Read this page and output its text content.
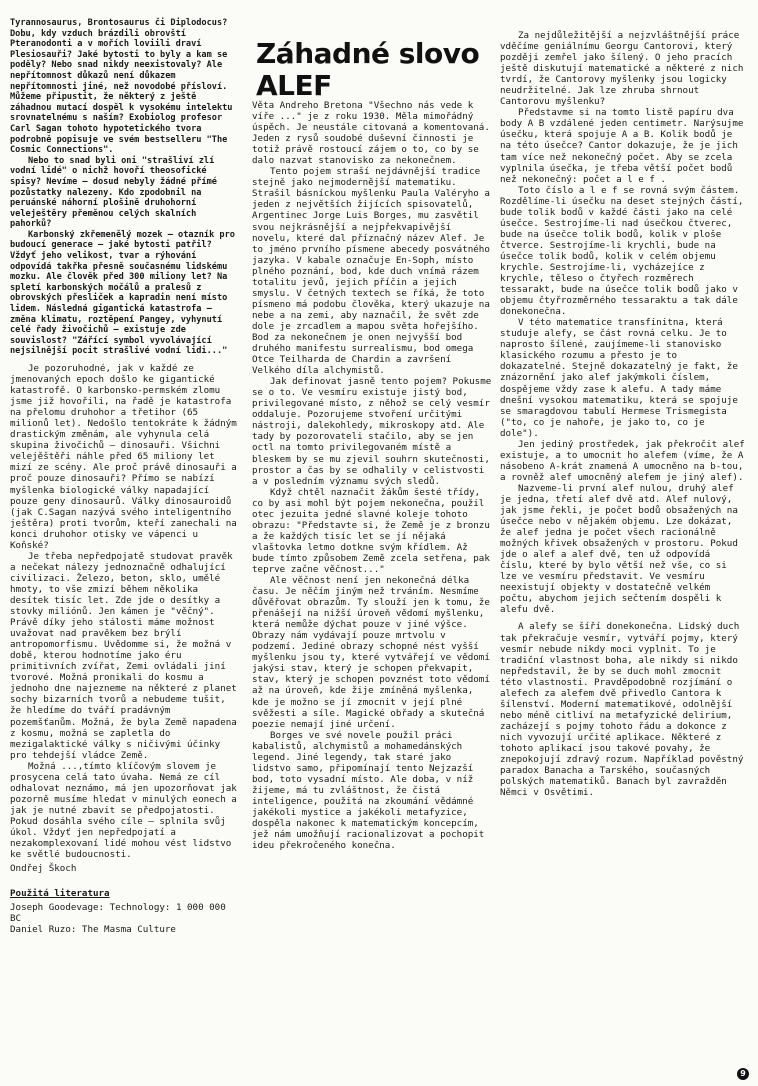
Záhadné slovo ALEF

Tyrannosaurus, Brontosaurus či Diplodocus? Dobu, kdy vzduch brázdili obrovští Pteranodonti a v mořích loviili draví Plesiosauři? Jaké bytosti to byly a kam se poděly? Nebo snad nikdy neexistovaly? Ale nepřítomnost důkazů není důkazem nepřítomnosti jiné, než novodobé přísloví. Můžeme připustit, že některý z ještě záhadnou mutací dospěl k vysokému intelektu srovnatelnému s naším? Exobiolog profesor Carl Sagan tohoto hypotetického tvora podrobně popisuje ve svém bestselleru "The Cosmic Connections".

Nebo to snad byli oni "strašliví zlí vodní lidé" o nichž hovoří theosofické spisy? Nevíme – dosud nebyly žádné přímé pozůstatky nalezeny. Kdo zpodobnil na peruánské náhorní plošině druhohorní veleještěry přeměnou celých skalních pahorků?

Karbonský zkřemenělý mozek – otazník pro budoucí generace – jaké bytosti patřil? Vždyť jeho velikost, tvar a rýhování odpovídá takřka přesně současnému lidskému mozku. Ale člověk před 300 miliony let? Na spletí karbonských močálů a pralesů z obrovských přesliček a kapradin není místo lidem. Následná gigantická katastrofa – změna klimatu, roztěpení Pangey, vyhynutí celé řady živočichů – existuje zde souvislost? "Zářící symbol vyvolávající nejsilnější pocit strašlivé vodní lidi..."

Je pozoruhodné, jak v každé ze jmenovaných epoch došlo ke gigantické katastrofě. O karbonsko-permském zlomu jsme již hovořili, na řadě je katastrofa na přelomu druhohor a třetihor (65 milionů let). Nedošlo tentokráte k žádným drastickým změnám, ale vyhynula celá skupina živočichů – dinosauři. Všichni velejěštěři náhle před 65 miliony let mizí ze scény. Ale proč právě dinosauři a proč pouze dinosauři? Přímo se nabízí myšlenka biologické války napadající pouze geny dinosaurů. Války dinosauroidů (jak C.Sagan nazývá svého inteligentního ještěra) proti tvorům, kteří zanechali na konci druhohor otisky ve vápenci u Koňské?

Je třeba nepředpojatě studovat pravěk a nečekat nálezy jednoznačně odhalující civilizaci. Železo, beton, sklo, umělé hmoty, to vše zmizí během několika desítek tisíc let. Zde jde o desítky a stovky miliónů. Jen kámen je "věčný". Právě díky jeho stálosti máme možnost uvažovat nad pravěkem bez brýlí antropomorfismu. Uvědomme si, že možná v době, kterou hodnotíme jako éru primitivních zvířat, Zemi ovládali jiní tvorové. Možná pronikali do kosmu a jednoho dne najezneme na některé z planet sochy bizarních tvorů a nebudeme tušit, že hledíme do tváří pradávným pozemšťanům. Možná, že byla Země napadena z kosmu, možná se zapletla do mezigalaktické války s ničivými účinky pro tehdejší vládce Země.

Možná ...,tímto klíčovým slovem je prosycena celá tato úvaha. Nemá ze cíl odhalovat neznámo, má jen upozorňovat jak pozorně musíme hledat v minulých eonech a jak je nutné zbavit se předpojatosti. Pokud dosáhla svého cíle – splnila svůj úkol. Vždyť jen nepředpojatí a nezakomplexovaní lidé mohou vést lidstvo ke světlé budoucnosti.

Ondřej Škoch

Použitá literatura

Joseph Goodevage: Technology: 1 000 000 BC

Daniel Ruzo: The Masma Culture

Věta Andreho Bretona "Všechno nás vede k víře ..." je z roku 1930. Měla mimořádný úspěch. Je neustále citovaná a komentovaná. Jeden z rysů soudobé duševní činnosti je totiž právě rostoucí zájem o to, co by se dalo nazvat stanovisko za nekonečnem.

Tento pojem straší nejdávnější tradice stejně jako nejmodernější matematiku. Strašil básníckou myšlenku Paula Valéryho a jeden z největších žijících spisovatelů, Argentinec Jorge Luis Borges, mu zasvětil svou nejkrásnější a nejpřekvapivější novelu, které dal příznačný název Alef. Je to jméno prvního písmene abecedy posvátného jazyka. V kabale označuje En-Soph, místo plného poznání, bod, kde duch vnímá rázem totalitu jevů, jejich příčin a jejich smyslu. V četných textech se říká, že toto písmeno má podobu člověka, který ukazuje na nebe a na zemi, aby naznačil, že svět zde dole je zrcadlem a mapou světa hořejšího. Bod za nekonečnem je onen nejvyšší bod druhého manifestu surrealismu, bod omega Otce Teilharda de Chardin a završení Velkého díla alchymistů.

Jak definovat jasně tento pojem? Pokusme se o to. Ve vesmíru existuje jistý bod, privilegované místo, z něhož se celý vesmír oddaluje. Pozorujeme stvoření určitými nástroji, dalekohledy, mikroskopy atd. Ale tady by pozorovateli stačilo, aby se jen octl na tomto privilegovaném místě a bleskem by se mu zjevil souhrn skutečnosti, prostor a čas by se odhalily v celistvosti a v posledním významu svých sledů.

Když chtěl naznačit žákům šesté třídy, co by asi mohl být pojem nekonečna, použil otec jezuita jedné slavné koleje tohoto obrazu: "Představte si, že Země je z bronzu a že každých tisíc let se jí nějaká vlaštovka letmo dotkne svým křídlem. Až bude tímto způsobem Země zcela setřena, pak teprve začne věčnost..."

Ale věčnost není jen nekonečná délka času. Je něčím jiným než trváním. Nesmíme důvěřovat obrazům. Ty slouží jen k tomu, že přenášejí na nižší úroveň vědomí myšlenku, která nemůže dýchat pouze v jiné výšce. Obrazy nám vydávají pouze mrtvolu v podzemí. Jediné obrazy schopné nést vyšší myšlenku jsou ty, které vytvářejí ve vědomí jakýsi stav, který je schopen překvapit, stav, který je schopen povznést toto vědomí až na úroveň, kde žije zmíněná myšlenka, kde je možno se jí zmocnit v její plné svěžesti a síle. Magické obřady a skutečná poezie nemají jiné určení.

Borges ve své novele použil práci kabalistů, alchymistů a mohamedánských legend. Jiné legendy, tak staré jako lidstvo samo, připomínají tento Nejzazší bod, toto vysadní místo. Ale doba, v níž žijeme, má tu zvláštnost, že čistá inteligence, použitá na zkoumání vědámné jakékoli mystice a jakékoli metafyzice, dospěla nakonec k matematickým koncepcím, jež nám umožňují racionalizovat a pochopit ideu překročeného konečna.

Za nejdůležitější a nejzvláštnější práce vděčíme geniálnímu Georgu Cantorovi, který později zemřel jako šílený. O jeho pracích ještě diskutují matematické a některé z nich tvrdí, že Cantorovy myšlenky jsou logicky neudržitelné. Jak lze zhruba shrnout Cantorovu myšlenku?

Představme si na tomto listě papíru dva body A B vzdálené jeden centimetr. Narýsujme úsečku, která spojuje A a B. Kolik bodů je na této úsečce? Cantor dokazuje, že je jich tam více než nekonečný počet. Aby se zcela vyplnila úsečka, je třeba větší počet bodů než nekonečný: počet a l e f .

Toto číslo a l e f se rovná svým částem. Rozdělíme-li úsečku na deset stejných částí, bude tolik bodů v každé části jako na celé úsečce. Sestrojíme-li nad úsečkou čtverec, bude na úsečce tolik bodů, kolik v ploše čtverce. Sestrojíme-li krychli, bude na úsečce tolik bodů, kolik v celém objemu krychle. Sestrojíme-li, vycházejíce z krychle, těleso o čtyřech rozměrech tessarakt, bude na úsečce tolik bodů jako v objemu čtyřrozměrného tessaraktu a tak dále donekonečna.

V této matematice transfinitna, která studuje alefy, se část rovná celku. Je to naprosto šílené, zaujímeme-li stanovisko klasického rozumu a přesto je to dokazatelné. Stejně dokazatelný je fakt, že znázornění jako alef jakýmkoli číslem, dospějeme vždy zase k alefu. A tady máme dnešní vysokou matematiku, která se spojuje se smaragdovou tabulí Hermese Trismegista ("to, co je nahoře, je jako to, co je dole").

Jen jediný prostředek, jak překročit alef existuje, a to umocnit ho alefem (víme, že A násobeno A-krát znamená A umocněno na b-tou, a rovněž alef umocněný alefem je jiný alef).

Nazveme-li první alef nulou, druhý alef je jedna, třetí alef dvě atd. Alef nulový, jak jsme řekli, je počet bodů obsažených na úsečce nebo v nějakém objemu. Lze dokázat, že alef jedna je počet všech racionálně možných křivek obsažených v prostoru. Pokud jde o alef a alef dvě, ten už odpovídá číslu, které by bylo větší než vše, co si lze ve vesmíru představit. Ve vesmíru neexistují objekty v dostatečně velkém počtu, abychom jejich sečtením dospěli k alefu dvě.

A alefy se šíří donekonečna. Lidský duch tak překračuje vesmír, vytváří pojmy, který vesmír nebude nikdy moci vyplnit. To je tradiční vlastnost boha, ale nikdy si nikdo nepředstavil, že by se duch mohl zmocnit této vlastnosti. Pravděpodobně rozjímání o alefech za alefem dvě přivedlo Cantora k šílenství. Moderní matematikové, odolnější nebo méně citliví na metafyzické delirium, zacházejí s pojmy tohoto řádu a dokonce z nich vyvozují určité aplikace. Některé z tohoto aplikací jsou takové povahy, že znepokojují zdravý rozum. Například pověstný paradox Banacha a Tarského, současných polských matematiků. Banach byl zavražděn Němci v Osvětimi.

9
